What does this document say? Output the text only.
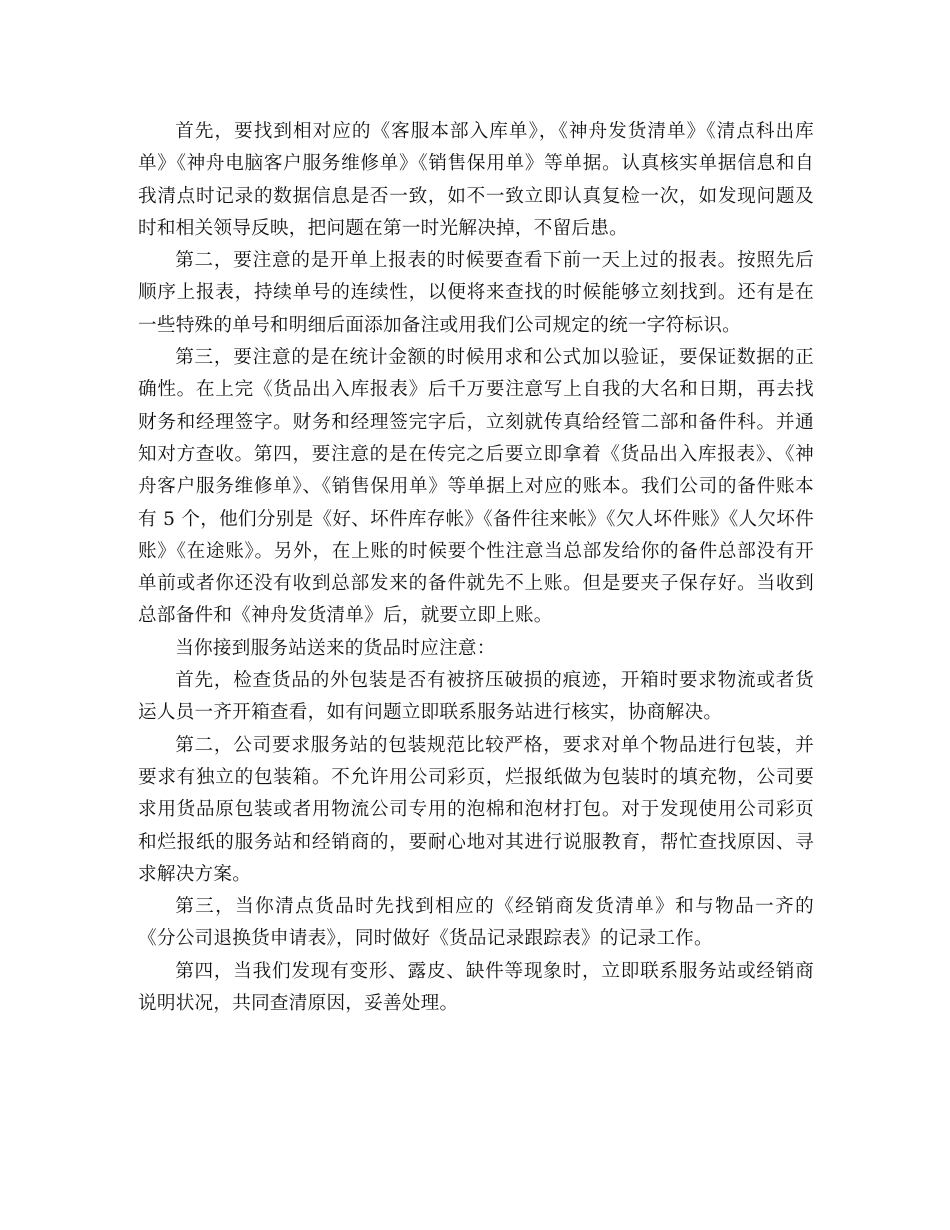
首先，要找到相对应的《客服本部入库单》，《神舟发货清单》《清点科出库单》《神舟电脑客户服务维修单》《销售保用单》等单据。认真核实单据信息和自我清点时记录的数据信息是否一致，如不一致立即认真复检一次，如发现问题及时和相关领导反映，把问题在第一时光解决掉，不留后患。

第二，要注意的是开单上报表的时候要查看下前一天上过的报表。按照先后顺序上报表，持续单号的连续性，以便将来查找的时候能够立刻找到。还有是在一些特殊的单号和明细后面添加备注或用我们公司规定的统一字符标识。

第三，要注意的是在统计金额的时候用求和公式加以验证，要保证数据的正确性。在上完《货品出入库报表》后千万要注意写上自我的大名和日期，再去找财务和经理签字。财务和经理签完字后，立刻就传真给经管二部和备件科。并通知对方查收。第四，要注意的是在传完之后要立即拿着《货品出入库报表》、《神舟客户服务维修单》、《销售保用单》等单据上对应的账本。我们公司的备件账本有 5 个，他们分别是《好、坏件库存帐》《备件往来帐》《欠人坏件账》《人欠坏件账》《在途账》。另外，在上账的时候要个性注意当总部发给你的备件总部没有开单前或者你还没有收到总部发来的备件就先不上账。但是要夹子保存好。当收到总部备件和《神舟发货清单》后，就要立即上账。

当你接到服务站送来的货品时应注意：

首先，检查货品的外包装是否有被挤压破损的痕迹，开箱时要求物流或者货运人员一齐开箱查看，如有问题立即联系服务站进行核实，协商解决。

第二，公司要求服务站的包装规范比较严格，要求对单个物品进行包装，并要求有独立的包装箱。不允许用公司彩页，烂报纸做为包装时的填充物，公司要求用货品原包装或者用物流公司专用的泡棉和泡材打包。对于发现使用公司彩页和烂报纸的服务站和经销商的，要耐心地对其进行说服教育，帮忙查找原因、寻求解决方案。

第三，当你清点货品时先找到相应的《经销商发货清单》和与物品一齐的《分公司退换货申请表》，同时做好《货品记录跟踪表》的记录工作。

第四，当我们发现有变形、露皮、缺件等现象时，立即联系服务站或经销商说明状况，共同查清原因，妥善处理。
